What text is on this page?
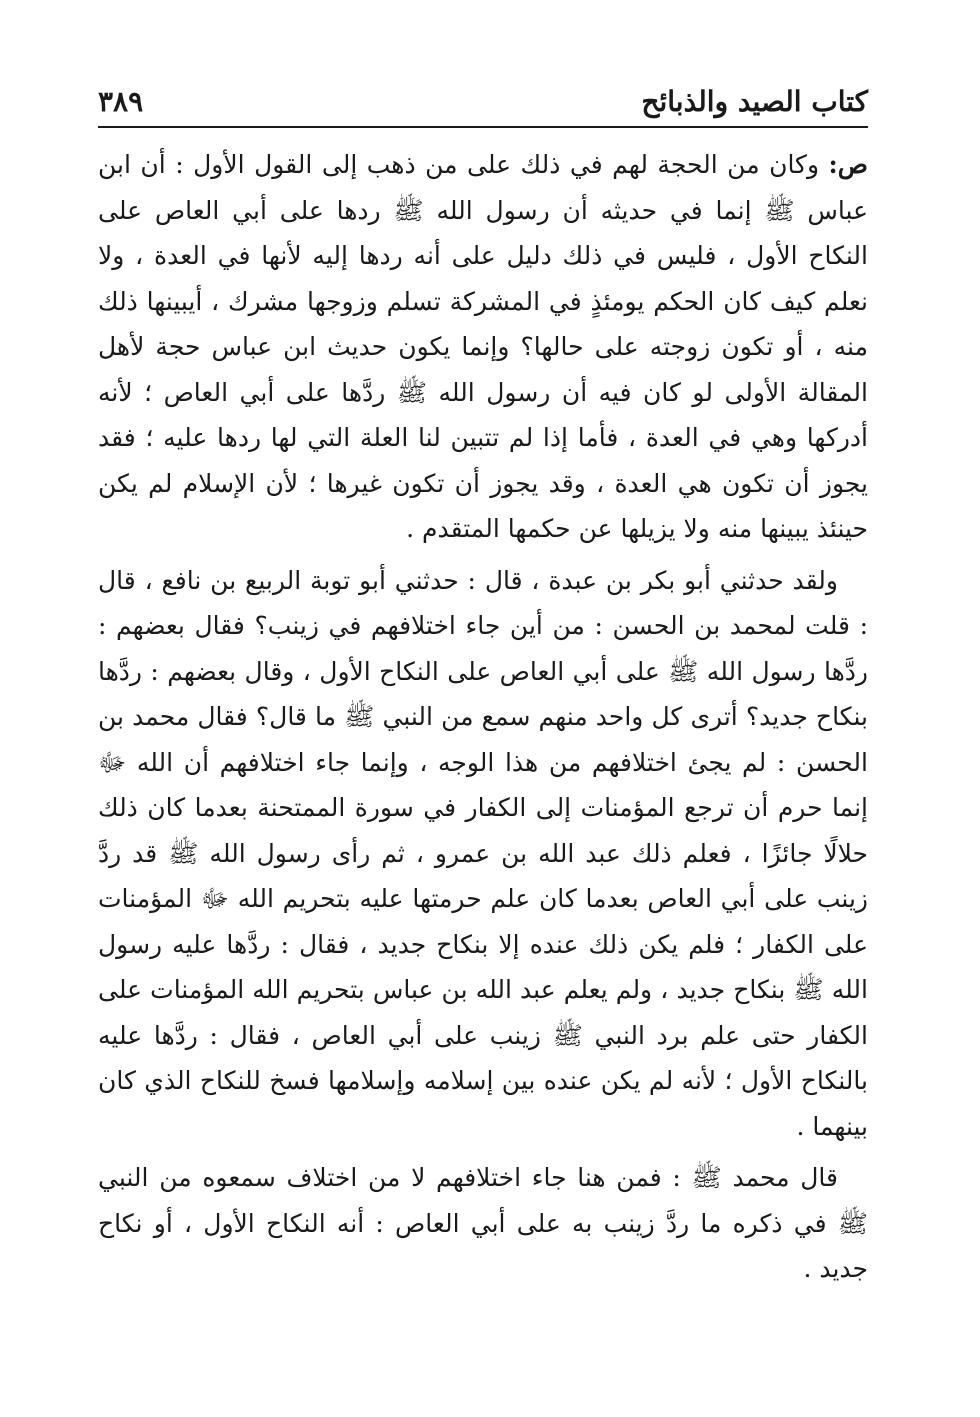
كتاب الصيد والذبائح
٣٨٩

ص: وكان من الحجة لهم في ذلك على من ذهب إلى القول الأول : أن ابن عباس ﷺ إنما في حديثه أن رسول الله ﷺ ردها على أبي العاص على النكاح الأول ، فليس في ذلك دليل على أنه ردها إليه لأنها في العدة ، ولا نعلم كيف كان الحكم يومئذٍ في المشركة تسلم وزوجها مشرك ، أيبينها ذلك منه ، أو تكون زوجته على حالها؟ وإنما يكون حديث ابن عباس حجة لأهل المقالة الأولى لو كان فيه أن رسول الله ﷺ ردَّها على أبي العاص ؛ لأنه أدركها وهي في العدة ، فأما إذا لم تتبين لنا العلة التي لها ردها عليه ؛ فقد يجوز أن تكون هي العدة ، وقد يجوز أن تكون غيرها ؛ لأن الإسلام لم يكن حينئذ يبينها منه ولا يزيلها عن حكمها المتقدم .

ولقد حدثني أبو بكر بن عبدة ، قال : حدثني أبو توبة الربيع بن نافع ، قال : قلت لمحمد بن الحسن : من أين جاء اختلافهم في زينب؟ فقال بعضهم : ردَّها رسول الله ﷺ على أبي العاص على النكاح الأول ، وقال بعضهم : ردَّها بنكاح جديد؟ أترى كل واحد منهم سمع من النبي ﷺ ما قال؟ فقال محمد بن الحسن : لم يجئ اختلافهم من هذا الوجه ، وإنما جاء اختلافهم أن الله ﷻ إنما حرم أن ترجع المؤمنات إلى الكفار في سورة الممتحنة بعدما كان ذلك حلالًا جائزًا ، فعلم ذلك عبد الله بن عمرو ، ثم رأى رسول الله ﷺ قد ردَّ زينب على أبي العاص بعدما كان علم حرمتها عليه بتحريم الله ﷻ المؤمنات على الكفار ؛ فلم يكن ذلك عنده إلا بنكاح جديد ، فقال : ردَّها عليه رسول الله ﷺ بنكاح جديد ، ولم يعلم عبد الله بن عباس بتحريم الله المؤمنات على الكفار حتى علم برد النبي ﷺ زينب على أبي العاص ، فقال : ردَّها عليه بالنكاح الأول ؛ لأنه لم يكن عنده بين إسلامه وإسلامها فسخ للنكاح الذي كان بينهما .

قال محمد ﷺ : فمن هنا جاء اختلافهم لا من اختلاف سمعوه من النبي ﷺ في ذكره ما ردَّ زينب به على أبي العاص : أنه النكاح الأول ، أو نكاح جديد .
